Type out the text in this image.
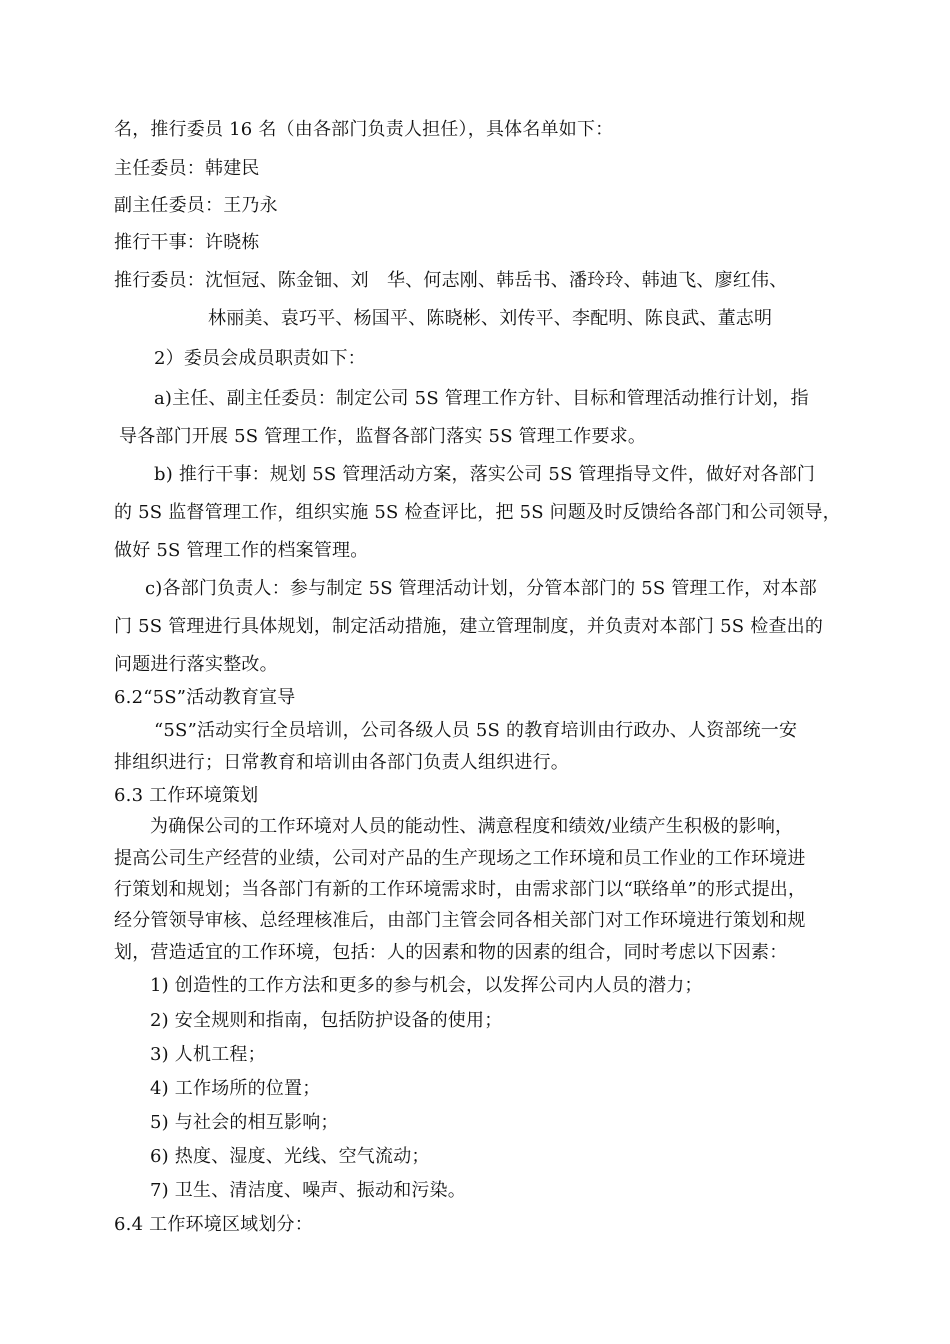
名，推行委员 16 名（由各部门负责人担任），具体名单如下：
主任委员：韩建民
副主任委员：王乃永
推行干事：许晓栋
推行委员：沈恒冠、陈金钿、刘　华、何志刚、韩岳书、潘玲玲、韩迪飞、廖红伟、
林丽美、袁巧平、杨国平、陈晓彬、刘传平、李配明、陈良武、董志明
2）委员会成员职责如下：
a)主任、副主任委员：制定公司 5S 管理工作方针、目标和管理活动推行计划，指
导各部门开展 5S 管理工作，监督各部门落实 5S 管理工作要求。
b) 推行干事：规划 5S 管理活动方案，落实公司 5S 管理指导文件，做好对各部门
的 5S 监督管理工作，组织实施 5S 检查评比，把 5S 问题及时反馈给各部门和公司领导，
做好 5S 管理工作的档案管理。
c)各部门负责人：参与制定 5S 管理活动计划，分管本部门的 5S 管理工作，对本部
门 5S 管理进行具体规划，制定活动措施，建立管理制度，并负责对本部门 5S 检查出的
问题进行落实整改。
6.2“5S”活动教育宣导
“5S”活动实行全员培训，公司各级人员 5S 的教育培训由行政办、人资部统一安
排组织进行；日常教育和培训由各部门负责人组织进行。
6.3 工作环境策划
为确保公司的工作环境对人员的能动性、满意程度和绩效/业绩产生积极的影响，
提高公司生产经营的业绩，公司对产品的生产现场之工作环境和员工作业的工作环境进
行策划和规划；当各部门有新的工作环境需求时，由需求部门以“联络单”的形式提出，
经分管领导审核、总经理核准后，由部门主管会同各相关部门对工作环境进行策划和规
划，营造适宜的工作环境，包括：人的因素和物的因素的组合，同时考虑以下因素：
1) 创造性的工作方法和更多的参与机会，以发挥公司内人员的潜力；
2) 安全规则和指南，包括防护设备的使用；
3) 人机工程；
4) 工作场所的位置；
5) 与社会的相互影响；
6) 热度、湿度、光线、空气流动；
7) 卫生、清洁度、噪声、振动和污染。
6.4 工作环境区域划分：
